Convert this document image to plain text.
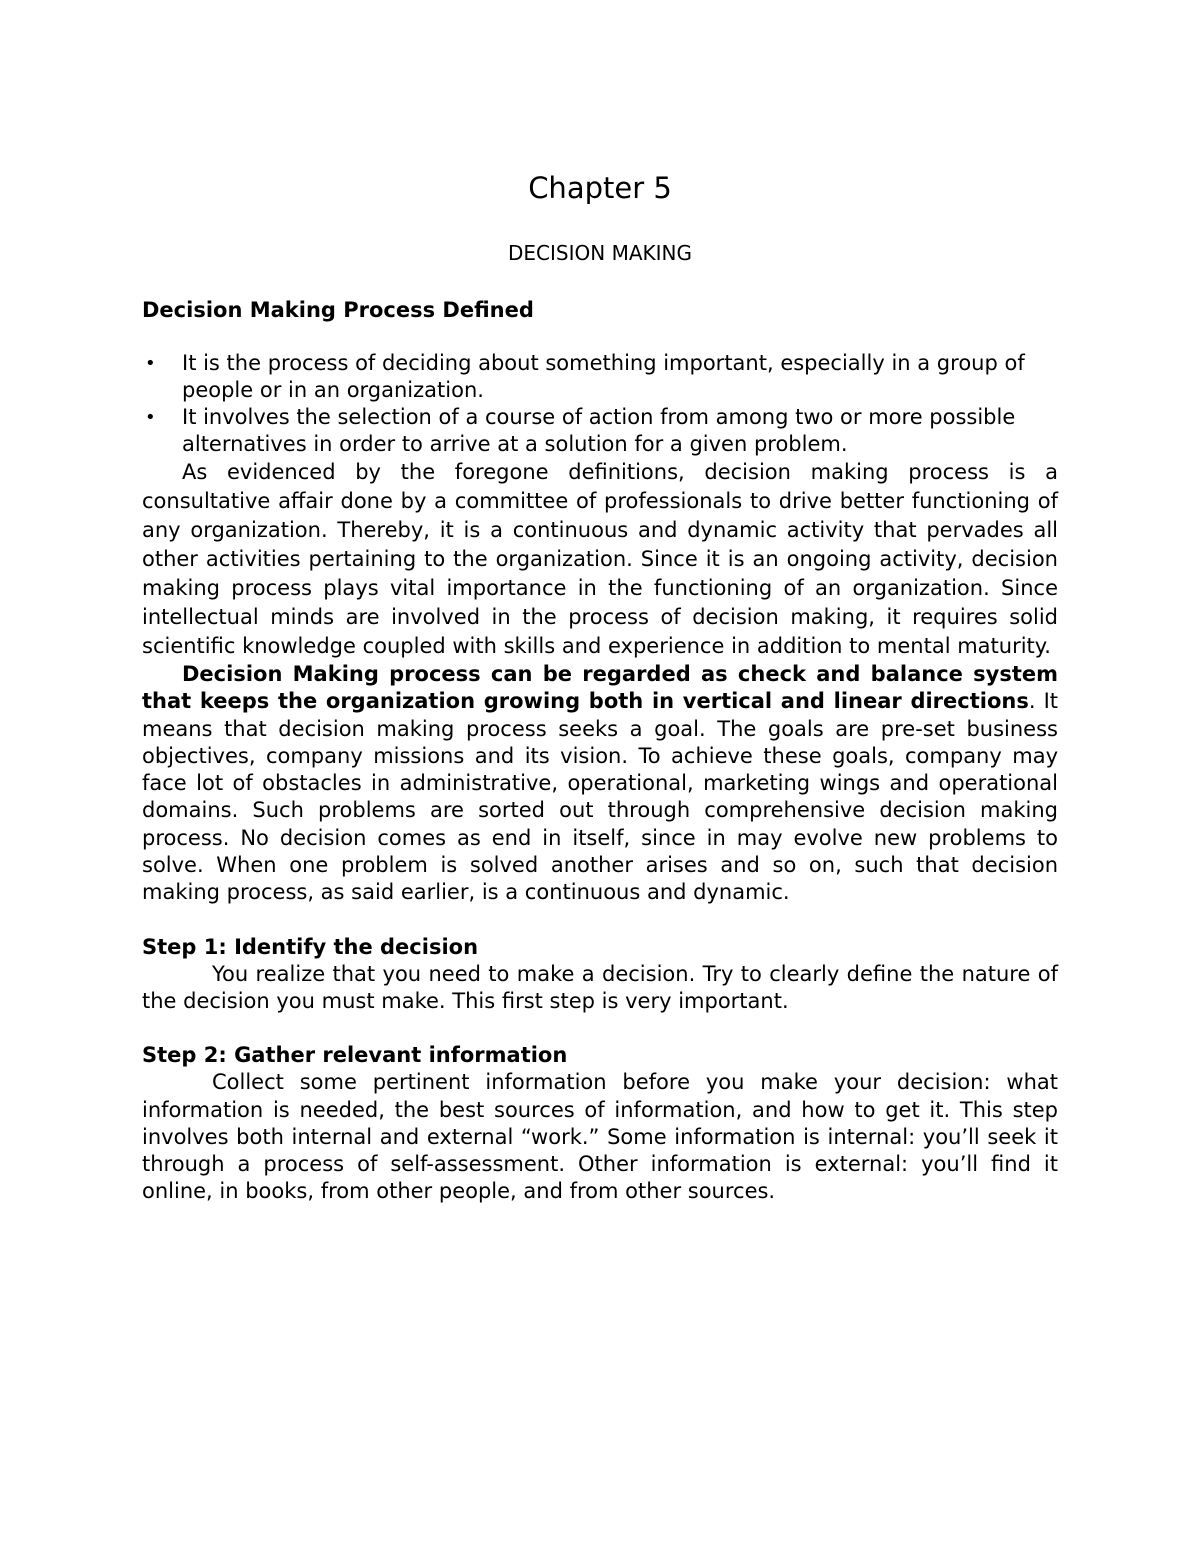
Chapter 5
DECISION MAKING
Decision Making Process Defined
• It is the process of deciding about something important, especially in a group of people or in an organization.
• It involves the selection of a course of action from among two or more possible alternatives in order to arrive at a solution for a given problem.

As evidenced by the foregone definitions, decision making process is a consultative affair done by a committee of professionals to drive better functioning of any organization. Thereby, it is a continuous and dynamic activity that pervades all other activities pertaining to the organization. Since it is an ongoing activity, decision making process plays vital importance in the functioning of an organization. Since intellectual minds are involved in the process of decision making, it requires solid scientific knowledge coupled with skills and experience in addition to mental maturity.

Decision Making process can be regarded as check and balance system that keeps the organization growing both in vertical and linear directions. It means that decision making process seeks a goal. The goals are pre-set business objectives, company missions and its vision. To achieve these goals, company may face lot of obstacles in administrative, operational, marketing wings and operational domains. Such problems are sorted out through comprehensive decision making process. No decision comes as end in itself, since in may evolve new problems to solve. When one problem is solved another arises and so on, such that decision making process, as said earlier, is a continuous and dynamic.

Step 1: Identify the decision

You realize that you need to make a decision. Try to clearly define the nature of the decision you must make. This first step is very important.

Step 2: Gather relevant information

Collect some pertinent information before you make your decision: what information is needed, the best sources of information, and how to get it. This step involves both internal and external “work.” Some information is internal: you’ll seek it through a process of self-assessment. Other information is external: you’ll find it online, in books, from other people, and from other sources.
